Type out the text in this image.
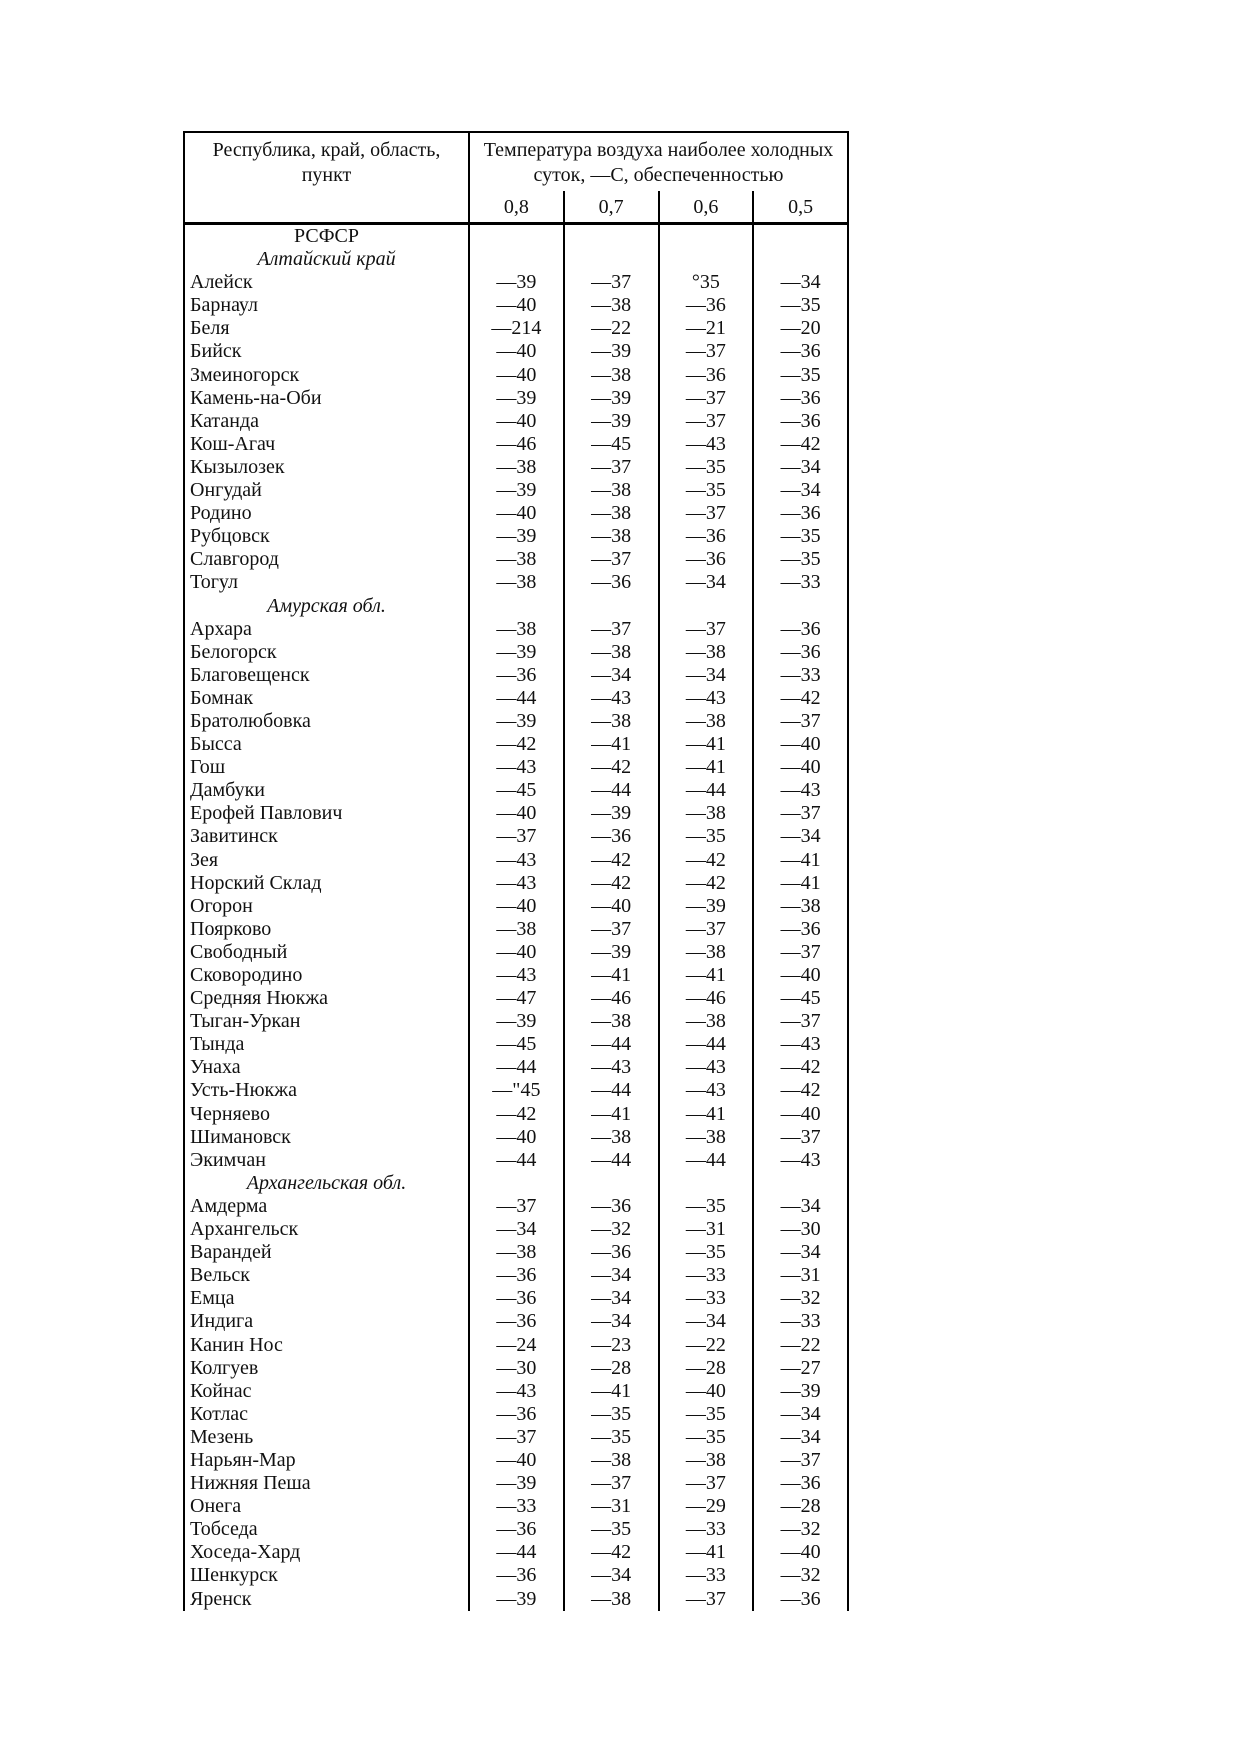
Республика, край, область,
пункт
Температура воздуха наиболее холодных
суток, —С, обеспеченностью
0,8	0,7	0,6	0,5
РСФСР
Алтайский край
Алейск	—39	—37	°35	—34
Барнаул	—40	—38	—36	—35
Беля	—214	—22	—21	—20
Бийск	—40	—39	—37	—36
Змеиногорск	—40	—38	—36	—35
Камень-на-Оби	—39	—39	—37	—36
Катанда	—40	—39	—37	—36
Кош-Агач	—46	—45	—43	—42
Кызылозек	—38	—37	—35	—34
Онгудай	—39	—38	—35	—34
Родино	—40	—38	—37	—36
Рубцовск	—39	—38	—36	—35
Славгород	—38	—37	—36	—35
Тогул	—38	—36	—34	—33
Амурская обл.
Архара	—38	—37	—37	—36
Белогорск	—39	—38	—38	—36
Благовещенск	—36	—34	—34	—33
Бомнак	—44	—43	—43	—42
Братолюбовка	—39	—38	—38	—37
Бысса	—42	—41	—41	—40
Гош	—43	—42	—41	—40
Дамбуки	—45	—44	—44	—43
Ерофей Павлович	—40	—39	—38	—37
Завитинск	—37	—36	—35	—34
Зея	—43	—42	—42	—41
Норский Склад	—43	—42	—42	—41
Огорон	—40	—40	—39	—38
Поярково	—38	—37	—37	—36
Свободный	—40	—39	—38	—37
Сковородино	—43	—41	—41	—40
Средняя Нюкжа	—47	—46	—46	—45
Тыган-Уркан	—39	—38	—38	—37
Тында	—45	—44	—44	—43
Унаха	—44	—43	—43	—42
Усть-Нюкжа	—"45	—44	—43	—42
Черняево	—42	—41	—41	—40
Шимановск	—40	—38	—38	—37
Экимчан	—44	—44	—44	—43
Архангельская обл.
Амдерма	—37	—36	—35	—34
Архангельск	—34	—32	—31	—30
Варандей	—38	—36	—35	—34
Вельск	—36	—34	—33	—31
Емца	—36	—34	—33	—32
Индига	—36	—34	—34	—33
Канин Нос	—24	—23	—22	—22
Колгуев	—30	—28	—28	—27
Койнас	—43	—41	—40	—39
Котлас	—36	—35	—35	—34
Мезень	—37	—35	—35	—34
Нарьян-Мар	—40	—38	—38	—37
Нижняя Пеша	—39	—37	—37	—36
Онега	—33	—31	—29	—28
Тобседа	—36	—35	—33	—32
Хоседа-Хард	—44	—42	—41	—40
Шенкурск	—36	—34	—33	—32
Яренск	—39	—38	—37	—36
